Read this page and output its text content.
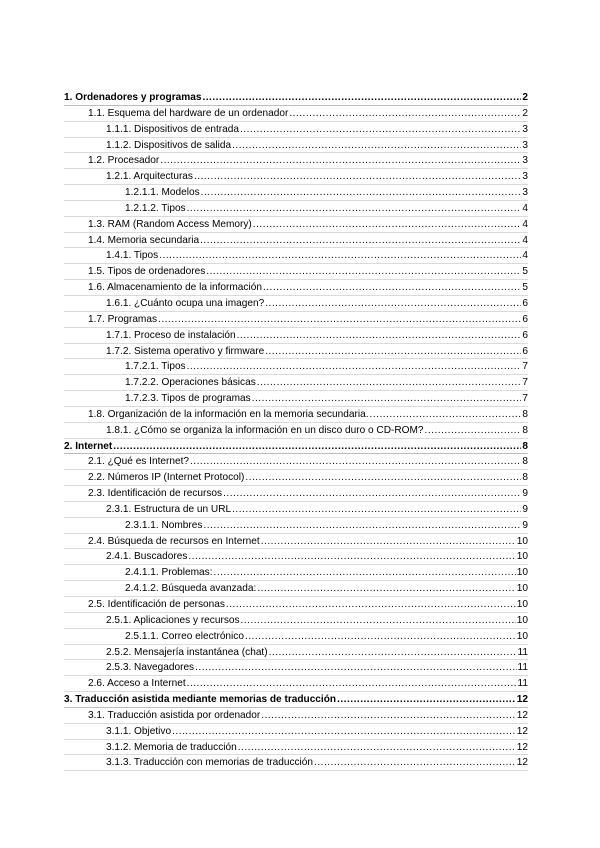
1. Ordenadores y programas .....	2
1.1. Esquema del hardware de un ordenador .....	2
1.1.1. Dispositivos de entrada .....	3
1.1.2. Dispositivos de salida .....	3
1.2. Procesador .....	3
1.2.1. Arquitecturas .....	3
1.2.1.1. Modelos .....	3
1.2.1.2. Tipos .....	4
1.3. RAM (Random Access Memory) .....	4
1.4. Memoria secundaria .....	4
1.4.1. Tipos .....	4
1.5. Tipos de ordenadores .....	5
1.6. Almacenamiento de la información .....	5
1.6.1. ¿Cuánto ocupa una imagen? .....	6
1.7. Programas .....	6
1.7.1. Proceso de instalación .....	6
1.7.2. Sistema operativo y firmware .....	6
1.7.2.1. Tipos .....	7
1.7.2.2. Operaciones básicas .....	7
1.7.2.3. Tipos de programas .....	7
1.8. Organización de la información en la memoria secundaria. .....	8
1.8.1. ¿Cómo se organiza la información en un disco duro o CD-ROM? .....	8
2. Internet .....	8
2.1. ¿Qué es Internet? .....	8
2.2. Números IP (Internet Protocol) .....	8
2.3. Identificación de recursos .....	9
2.3.1. Estructura de un URL .....	9
2.3.1.1. Nombres .....	9
2.4. Búsqueda de recursos en Internet .....	10
2.4.1. Buscadores .....	10
2.4.1.1. Problemas: .....	10
2.4.1.2. Búsqueda avanzada: .....	10
2.5. Identificación de personas .....	10
2.5.1. Aplicaciones y recursos .....	10
2.5.1.1. Correo electrónico .....	10
2.5.2. Mensajería instantánea (chat) .....	11
2.5.3. Navegadores .....	11
2.6. Acceso a Internet .....	11
3. Traducción asistida mediante memorias de traducción .....	12
3.1. Traducción asistida por ordenador .....	12
3.1.1. Objetivo .....	12
3.1.2. Memoria de traducción .....	12
3.1.3. Traducción con memorias de traducción .....	12
